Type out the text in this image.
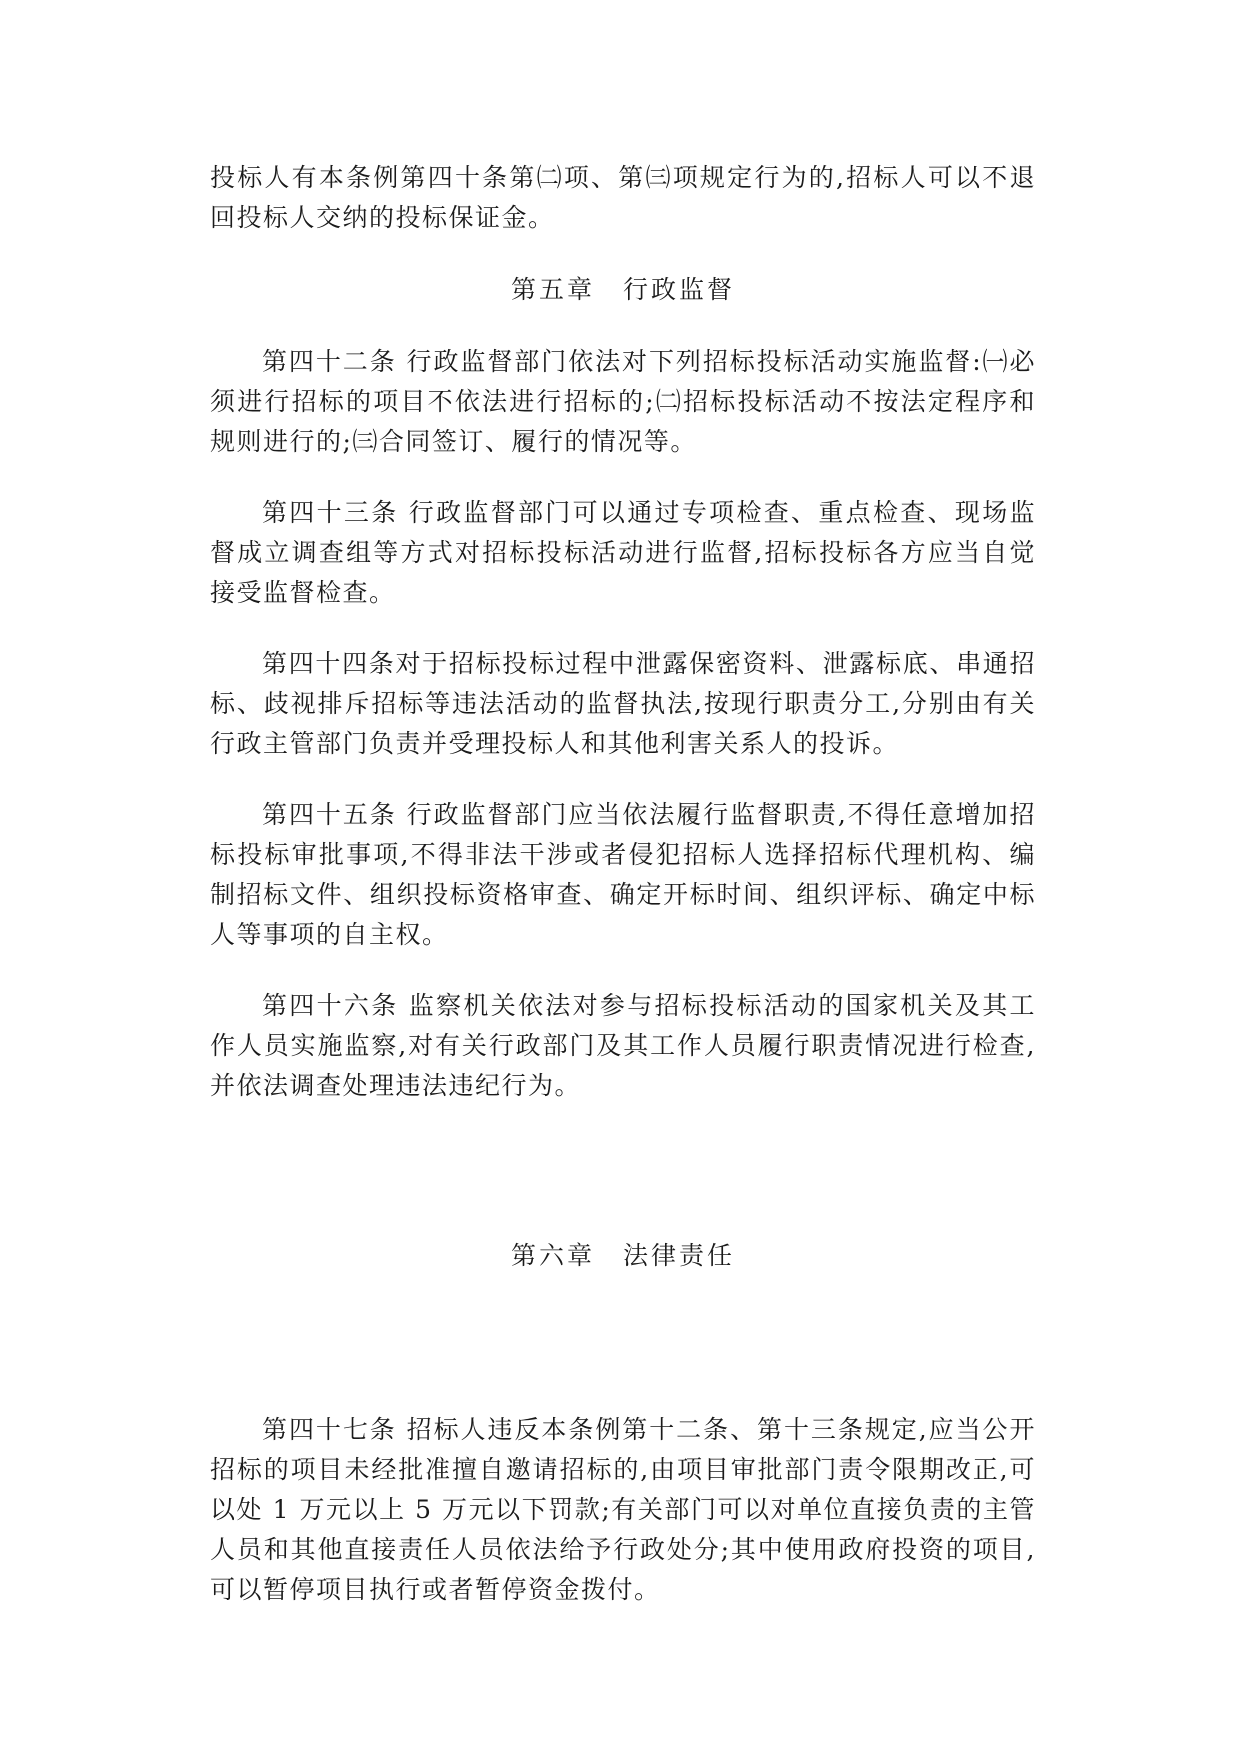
投标人有本条例第四十条第㈡项、第㈢项规定行为的,招标人可以不退回投标人交纳的投标保证金。

第五章 行政监督

第四十二条 行政监督部门依法对下列招标投标活动实施监督:㈠必须进行招标的项目不依法进行招标的;㈡招标投标活动不按法定程序和规则进行的;㈢合同签订、履行的情况等。

第四十三条 行政监督部门可以通过专项检查、重点检查、现场监督成立调查组等方式对招标投标活动进行监督,招标投标各方应当自觉接受监督检查。

第四十四条对于招标投标过程中泄露保密资料、泄露标底、串通招标、歧视排斥招标等违法活动的监督执法,按现行职责分工,分别由有关行政主管部门负责并受理投标人和其他利害关系人的投诉。

第四十五条 行政监督部门应当依法履行监督职责,不得任意增加招标投标审批事项,不得非法干涉或者侵犯招标人选择招标代理机构、编制招标文件、组织投标资格审查、确定开标时间、组织评标、确定中标人等事项的自主权。

第四十六条 监察机关依法对参与招标投标活动的国家机关及其工作人员实施监察,对有关行政部门及其工作人员履行职责情况进行检查,并依法调查处理违法违纪行为。

第六章 法律责任

第四十七条 招标人违反本条例第十二条、第十三条规定,应当公开招标的项目未经批准擅自邀请招标的,由项目审批部门责令限期改正,可以处 1 万元以上 5 万元以下罚款;有关部门可以对单位直接负责的主管人员和其他直接责任人员依法给予行政处分;其中使用政府投资的项目,可以暂停项目执行或者暂停资金拨付。
